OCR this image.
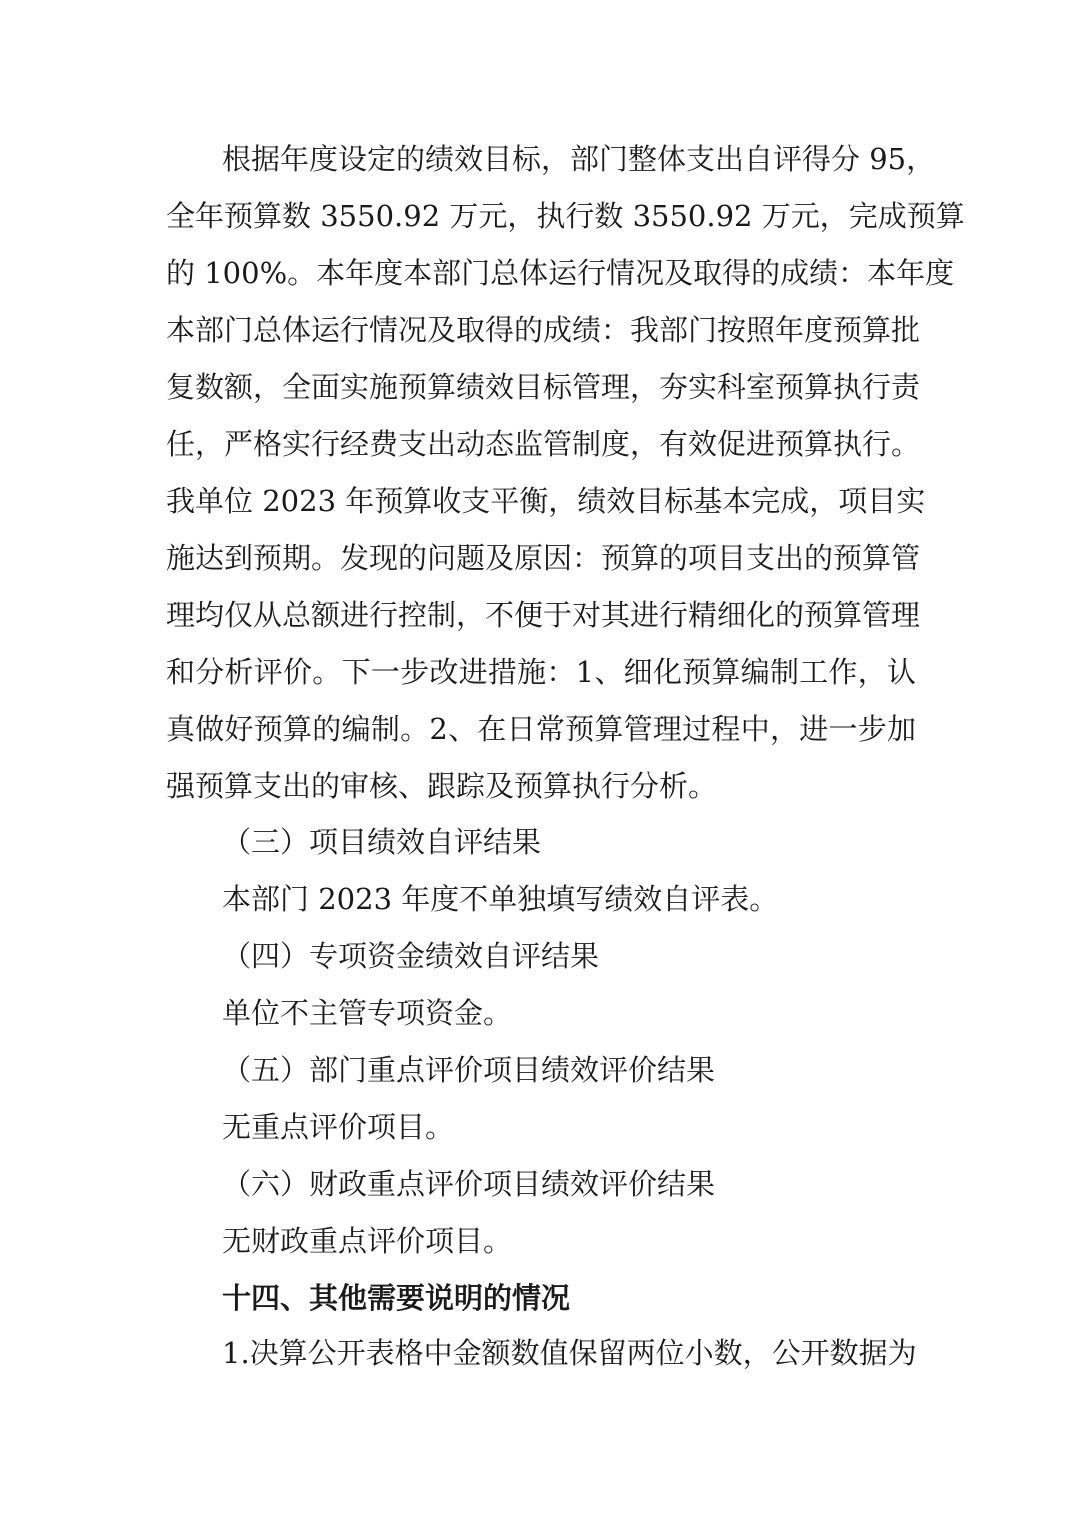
根据年度设定的绩效目标，部门整体支出自评得分 95，
全年预算数 3550.92 万元，执行数 3550.92 万元，完成预算
的 100%。本年度本部门总体运行情况及取得的成绩：本年度
本部门总体运行情况及取得的成绩：我部门按照年度预算批
复数额，全面实施预算绩效目标管理，夯实科室预算执行责
任，严格实行经费支出动态监管制度，有效促进预算执行。
我单位 2023 年预算收支平衡，绩效目标基本完成，项目实
施达到预期。发现的问题及原因：预算的项目支出的预算管
理均仅从总额进行控制，不便于对其进行精细化的预算管理
和分析评价。下一步改进措施：1、细化预算编制工作，认
真做好预算的编制。2、在日常预算管理过程中，进一步加
强预算支出的审核、跟踪及预算执行分析。
（三）项目绩效自评结果
本部门 2023 年度不单独填写绩效自评表。
（四）专项资金绩效自评结果
单位不主管专项资金。
（五）部门重点评价项目绩效评价结果
无重点评价项目。
（六）财政重点评价项目绩效评价结果
无财政重点评价项目。
十四、其他需要说明的情况
1.决算公开表格中金额数值保留两位小数，公开数据为
